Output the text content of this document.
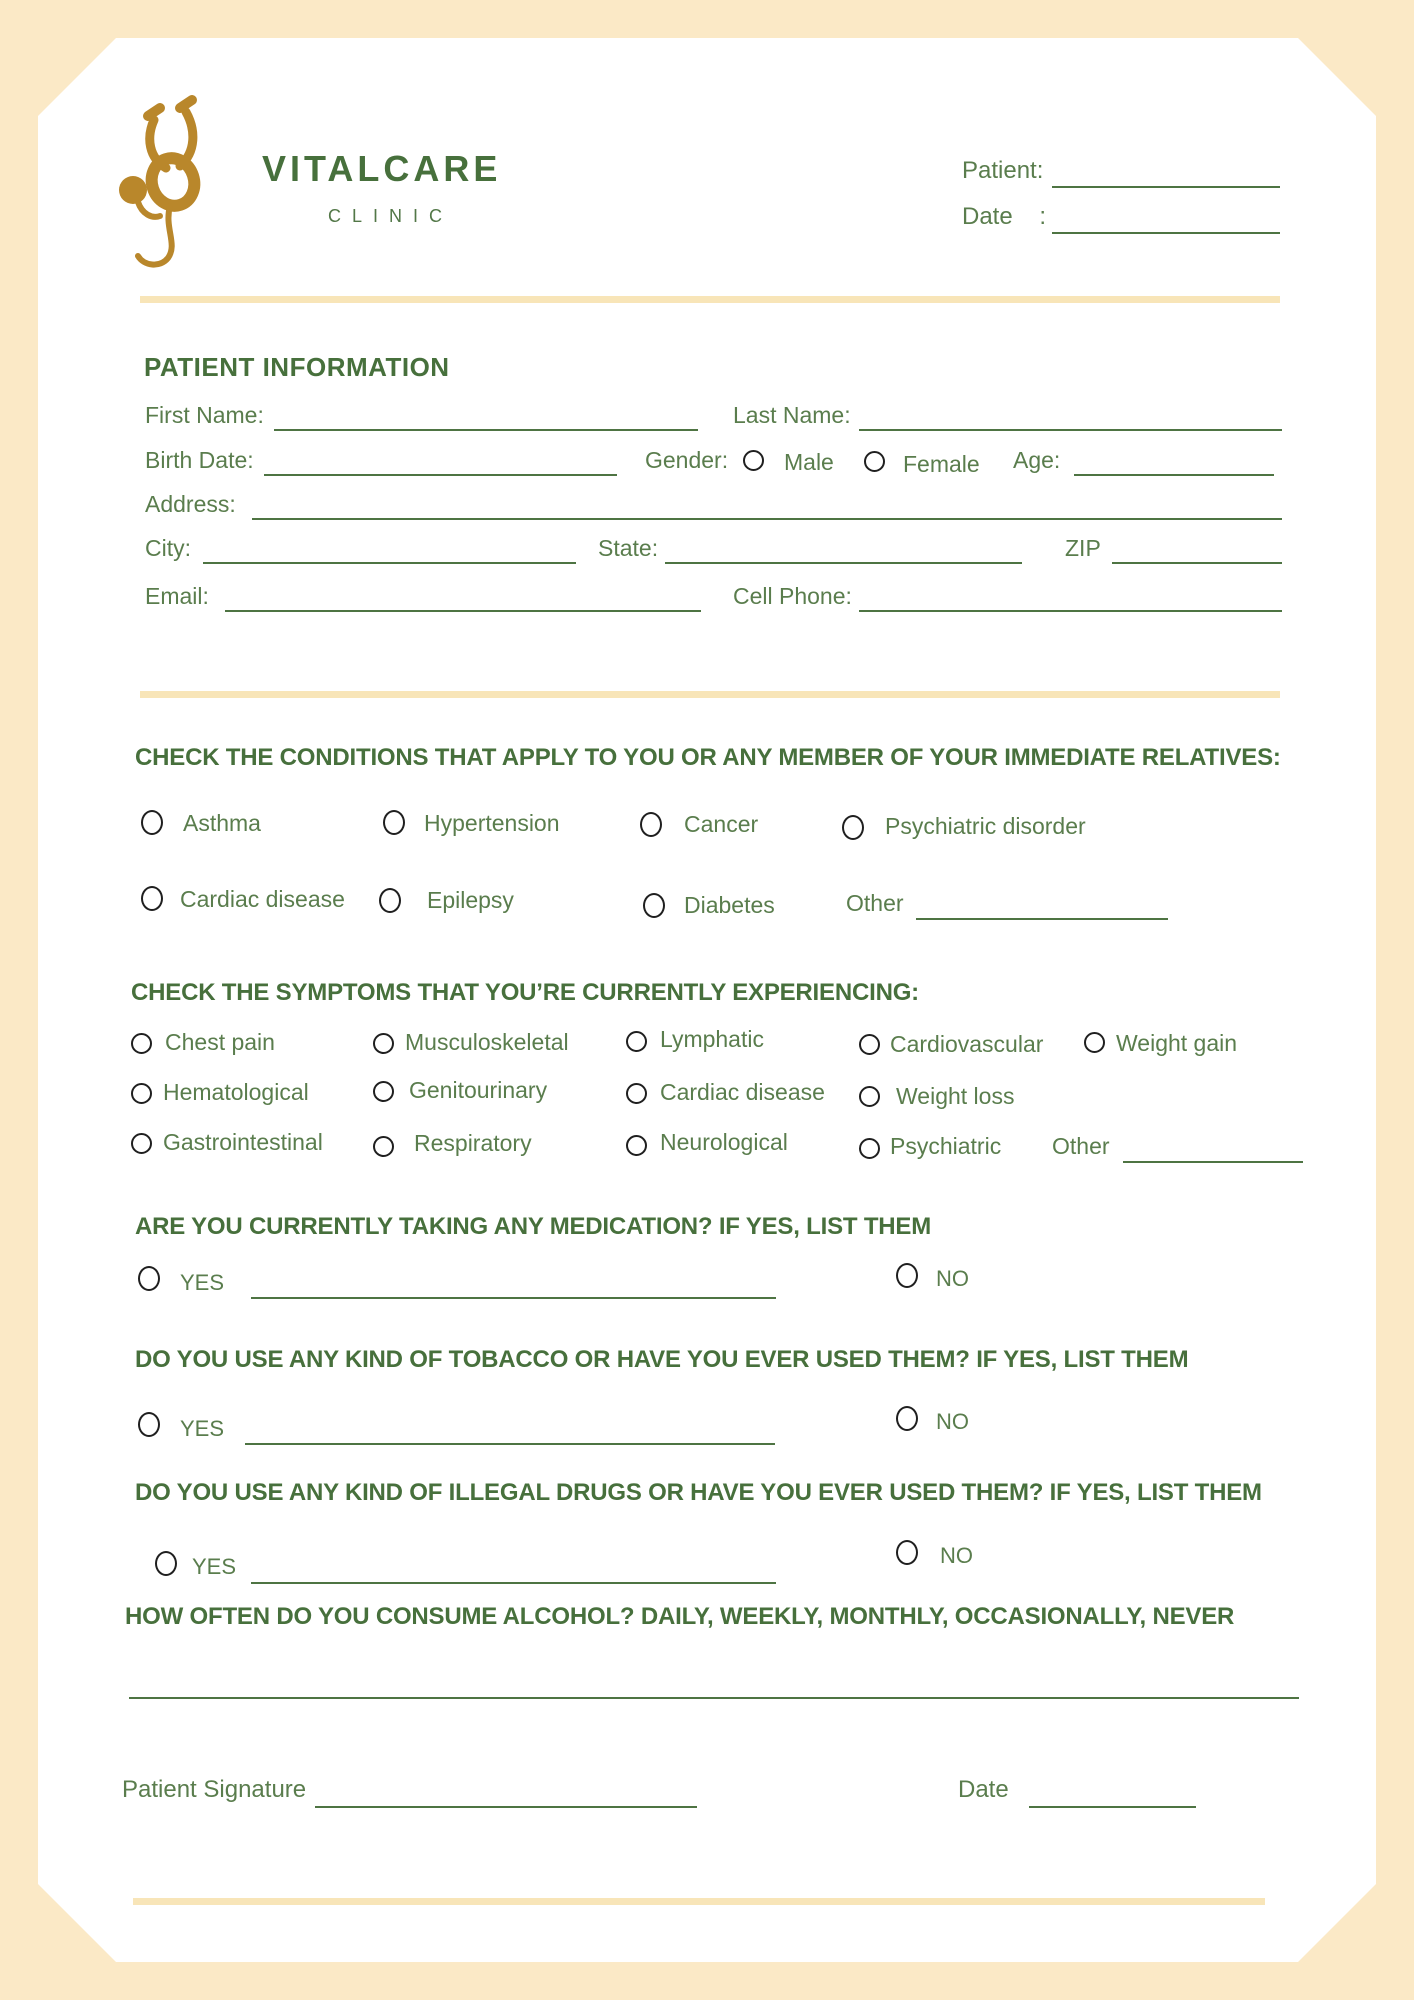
VITALCARE
CLINIC
Patient:
Date    :
PATIENT INFORMATION
First Name:	Last Name:
Birth Date:	Gender: Male	Female Age:
Address:
City:	State:	ZIP
Email:	Cell Phone:
CHECK THE CONDITIONS THAT APPLY TO YOU OR ANY MEMBER OF YOUR IMMEDIATE RELATIVES:
Asthma	Hypertension	Cancer	Psychiatric disorder
Cardiac disease	Epilepsy	Diabetes	Other
CHECK THE SYMPTOMS THAT YOU’RE CURRENTLY EXPERIENCING:
Chest pain	Musculoskeletal	Lymphatic	Cardiovascular	Weight gain
Hematological	Genitourinary	Cardiac disease	Weight loss
Gastrointestinal	Respiratory	Neurological	Psychiatric Other
ARE YOU CURRENTLY TAKING ANY MEDICATION? IF YES, LIST THEM
YES	NO
DO YOU USE ANY KIND OF TOBACCO OR HAVE YOU EVER USED THEM? IF YES, LIST THEM
YES	NO
DO YOU USE ANY KIND OF ILLEGAL DRUGS OR HAVE YOU EVER USED THEM? IF YES, LIST THEM
YES	NO
HOW OFTEN DO YOU CONSUME ALCOHOL? DAILY, WEEKLY, MONTHLY, OCCASIONALLY, NEVER
Patient Signature	Date
